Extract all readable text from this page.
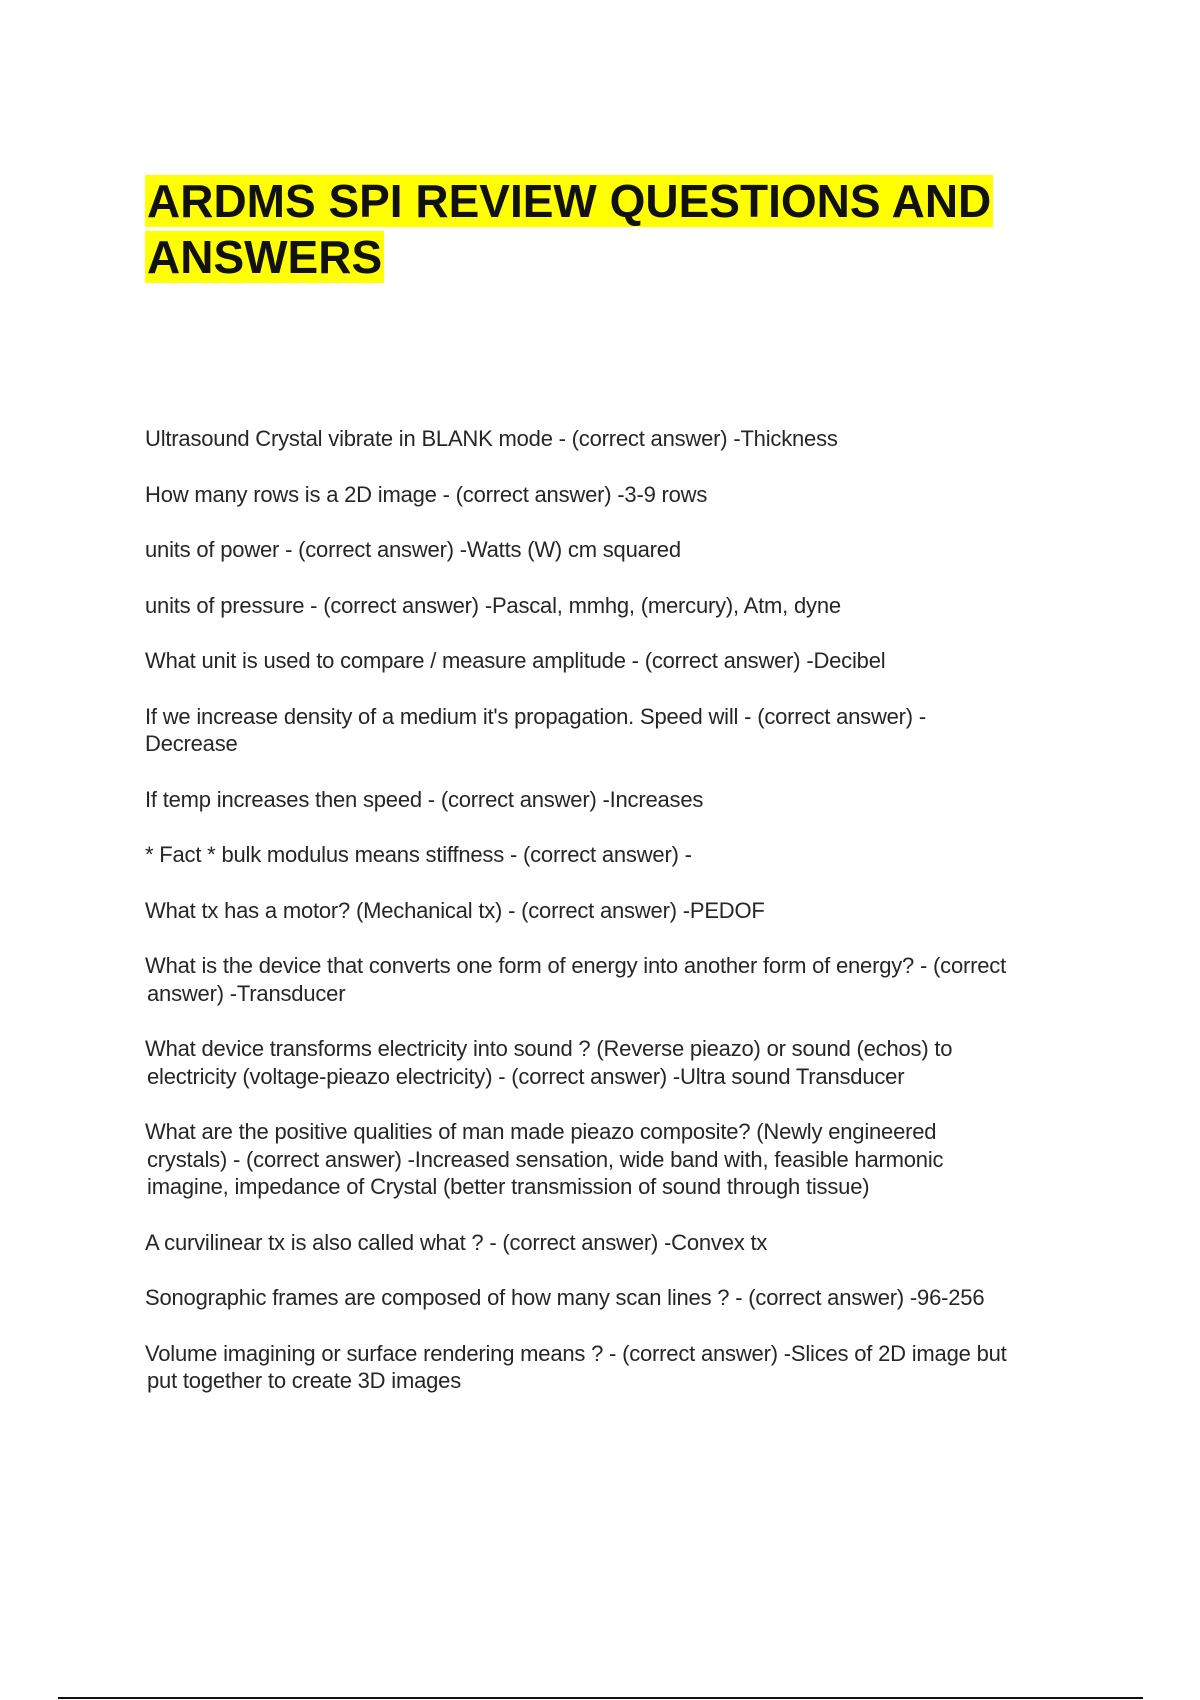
ARDMS SPI REVIEW QUESTIONS AND
ANSWERS
Ultrasound Crystal vibrate in BLANK mode - (correct answer) -Thickness
How many rows is a 2D image - (correct answer) -3-9 rows
units of power - (correct answer) -Watts (W) cm squared
units of pressure - (correct answer) -Pascal, mmhg, (mercury), Atm, dyne
What unit is used to compare / measure amplitude - (correct answer) -Decibel
If we increase density of a medium it's propagation. Speed will - (correct answer) -
Decrease
If temp increases then speed - (correct answer) -Increases
* Fact * bulk modulus means stiffness - (correct answer) -
What tx has a motor? (Mechanical tx) - (correct answer) -PEDOF
What is the device that converts one form of energy into another form of energy? - (correct
answer) -Transducer
What device transforms electricity into sound ? (Reverse pieazo) or sound (echos) to
electricity (voltage-pieazo electricity) - (correct answer) -Ultra sound Transducer
What are the positive qualities of man made pieazo composite? (Newly engineered
crystals) - (correct answer) -Increased sensation, wide band with, feasible harmonic
imagine, impedance of Crystal (better transmission of sound through tissue)
A curvilinear tx is also called what ? - (correct answer) -Convex tx
Sonographic frames are composed of how many scan lines ? - (correct answer) -96-256
Volume imagining or surface rendering means ? - (correct answer) -Slices of 2D image but
put together to create 3D images
